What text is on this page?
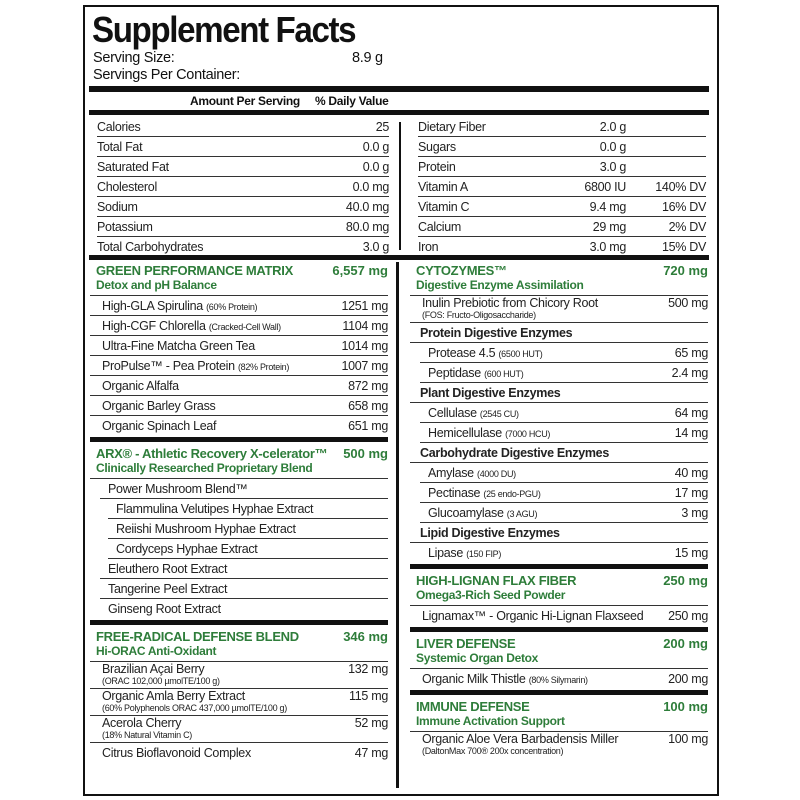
Supplement Facts
Serving Size:	8.9 g
Servings Per Container:
Amount Per Serving % Daily Value
Calories	25
Total Fat	0.0 g
Saturated Fat	0.0 g
Cholesterol	0.0 mg
Sodium	40.0 mg
Potassium	80.0 mg
Total Carbohydrates	3.0 g
Dietary Fiber	2.0 g
Sugars	0.0 g
Protein	3.0 g
Vitamin A	6800 IU	140% DV
Vitamin C	9.4 mg	16% DV
Calcium	29 mg	2% DV
Iron	3.0 mg	15% DV
GREEN PERFORMANCE MATRIX	6,557 mg
Detox and pH Balance
High-GLA Spirulina (60% Protein)	1251 mg
High-CGF Chlorella (Cracked-Cell Wall)	1104 mg
Ultra-Fine Matcha Green Tea	1014 mg
ProPulse™ - Pea Protein (82% Protein)	1007 mg
Organic Alfalfa	872 mg
Organic Barley Grass	658 mg
Organic Spinach Leaf	651 mg
ARX® - Athletic Recovery X-celerator™	500 mg
Clinically Researched Proprietary Blend
Power Mushroom Blend™
Flammulina Velutipes Hyphae Extract
Reiishi Mushroom Hyphae Extract
Cordyceps Hyphae Extract
Eleuthero Root Extract
Tangerine Peel Extract
Ginseng Root Extract
FREE-RADICAL DEFENSE BLEND	346 mg
Hi-ORAC Anti-Oxidant
Brazilian Açai Berry	132 mg
(ORAC 102,000 µmolTE/100 g)
Organic Amla Berry Extract	115 mg
(60% Polyphenols ORAC 437,000 µmolTE/100 g)
Acerola Cherry	52 mg
(18% Natural Vitamin C)
Citrus Bioflavonoid Complex	47 mg
CYTOZYMES™	720 mg
Digestive Enzyme Assimilation
Inulin Prebiotic from Chicory Root	500 mg
(FOS: Fructo-Oligosaccharide)
Protein Digestive Enzymes
Protease 4.5 (6500 HUT)	65 mg
Peptidase (600 HUT)	2.4 mg
Plant Digestive Enzymes
Cellulase (2545 CU)	64 mg
Hemicellulase (7000 HCU)	14 mg
Carbohydrate Digestive Enzymes
Amylase (4000 DU)	40 mg
Pectinase (25 endo-PGU)	17 mg
Glucoamylase (3 AGU)	3 mg
Lipid Digestive Enzymes
Lipase (150 FIP)	15 mg
HIGH-LIGNAN FLAX FIBER	250 mg
Omega3-Rich Seed Powder
Lignamax™ - Organic Hi-Lignan Flaxseed	250 mg
LIVER DEFENSE	200 mg
Systemic Organ Detox
Organic Milk Thistle (80% Silymarin)	200 mg
IMMUNE DEFENSE	100 mg
Immune Activation Support
Organic Aloe Vera Barbadensis Miller	100 mg
(DaltonMax 700® 200x concentration)
